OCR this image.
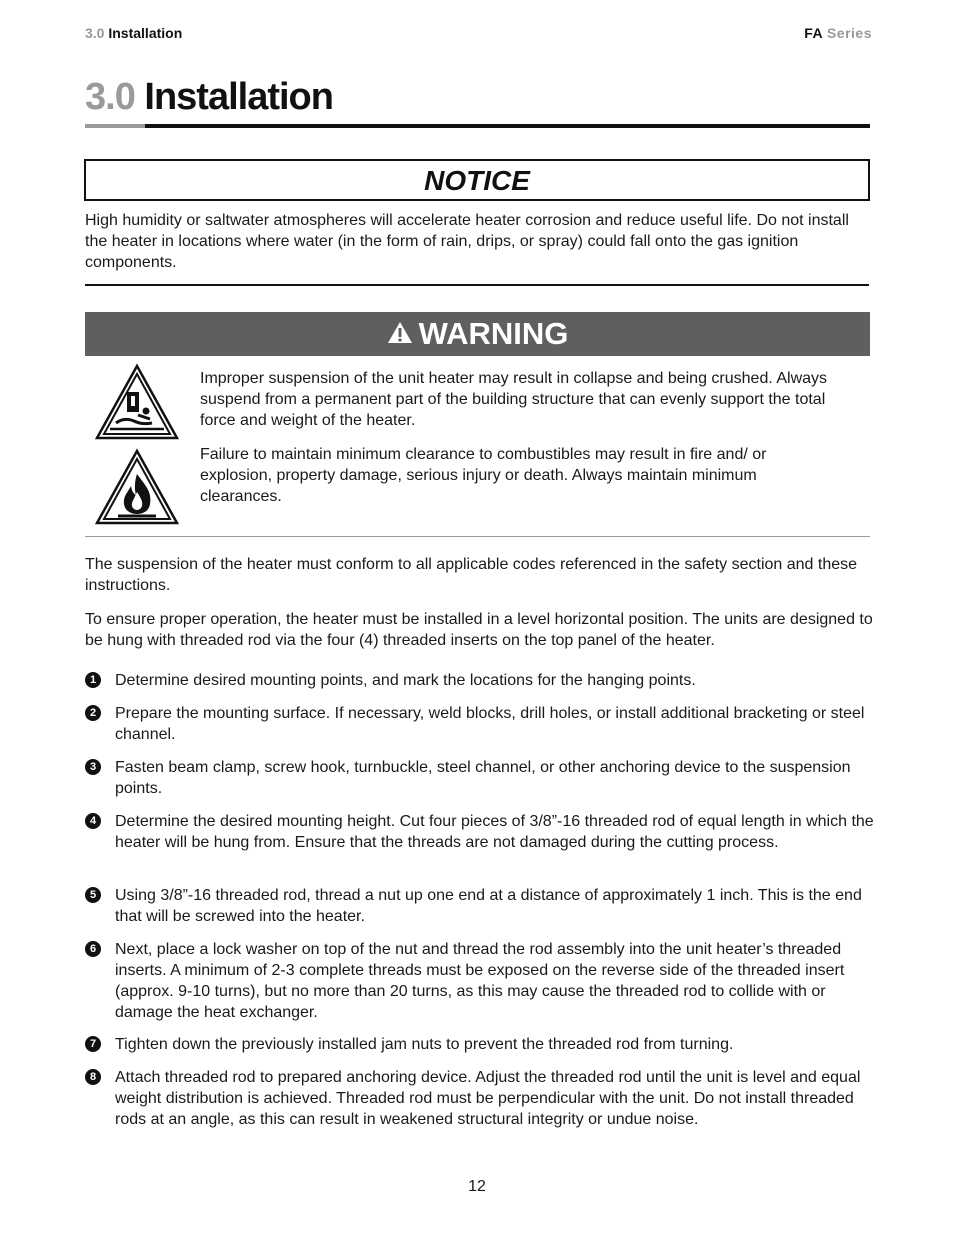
3.0 Installation	FA Series
3.0 Installation
NOTICE
High humidity or saltwater atmospheres will accelerate heater corrosion and reduce useful life. Do not install the heater in locations where water (in the form of rain, drips, or spray) could fall onto the gas ignition components.
WARNING
Improper suspension of the unit heater may result in collapse and being crushed. Always suspend from a permanent part of the building structure that can evenly support the total force and weight of the heater.
Failure to maintain minimum clearance to combustibles may result in fire and/ or explosion, property damage, serious injury or death. Always maintain minimum clearances.
The suspension of the heater must conform to all applicable codes referenced in the safety section and these instructions.
To ensure proper operation, the heater must be installed in a level horizontal position. The units are designed to be hung with threaded rod via the four (4) threaded inserts on the top panel of the heater.
1	Determine desired mounting points, and mark the locations for the hanging points.
2	Prepare the mounting surface. If necessary, weld blocks, drill holes, or install additional bracketing or steel channel.
3	Fasten beam clamp, screw hook, turnbuckle, steel channel, or other anchoring device to the suspension points.
4	Determine the desired mounting height. Cut four pieces of 3/8”-16 threaded rod of equal length in which the heater will be hung from. Ensure that the threads are not damaged during the cutting process.
5	Using 3/8”-16 threaded rod, thread a nut up one end at a distance of approximately 1 inch. This is the end that will be screwed into the heater.
6	Next, place a lock washer on top of the nut and thread the rod assembly into the unit heater’s threaded inserts. A minimum of 2-3 complete threads must be exposed on the reverse side of the threaded insert (approx. 9-10 turns), but no more than 20 turns, as this may cause the threaded rod to collide with or damage the heat exchanger.
7	Tighten down the previously installed jam nuts to prevent the threaded rod from turning.
8	Attach threaded rod to prepared anchoring device. Adjust the threaded rod until the unit is level and equal weight distribution is achieved. Threaded rod must be perpendicular with the unit. Do not install threaded rods at an angle, as this can result in weakened structural integrity or undue noise.
12
